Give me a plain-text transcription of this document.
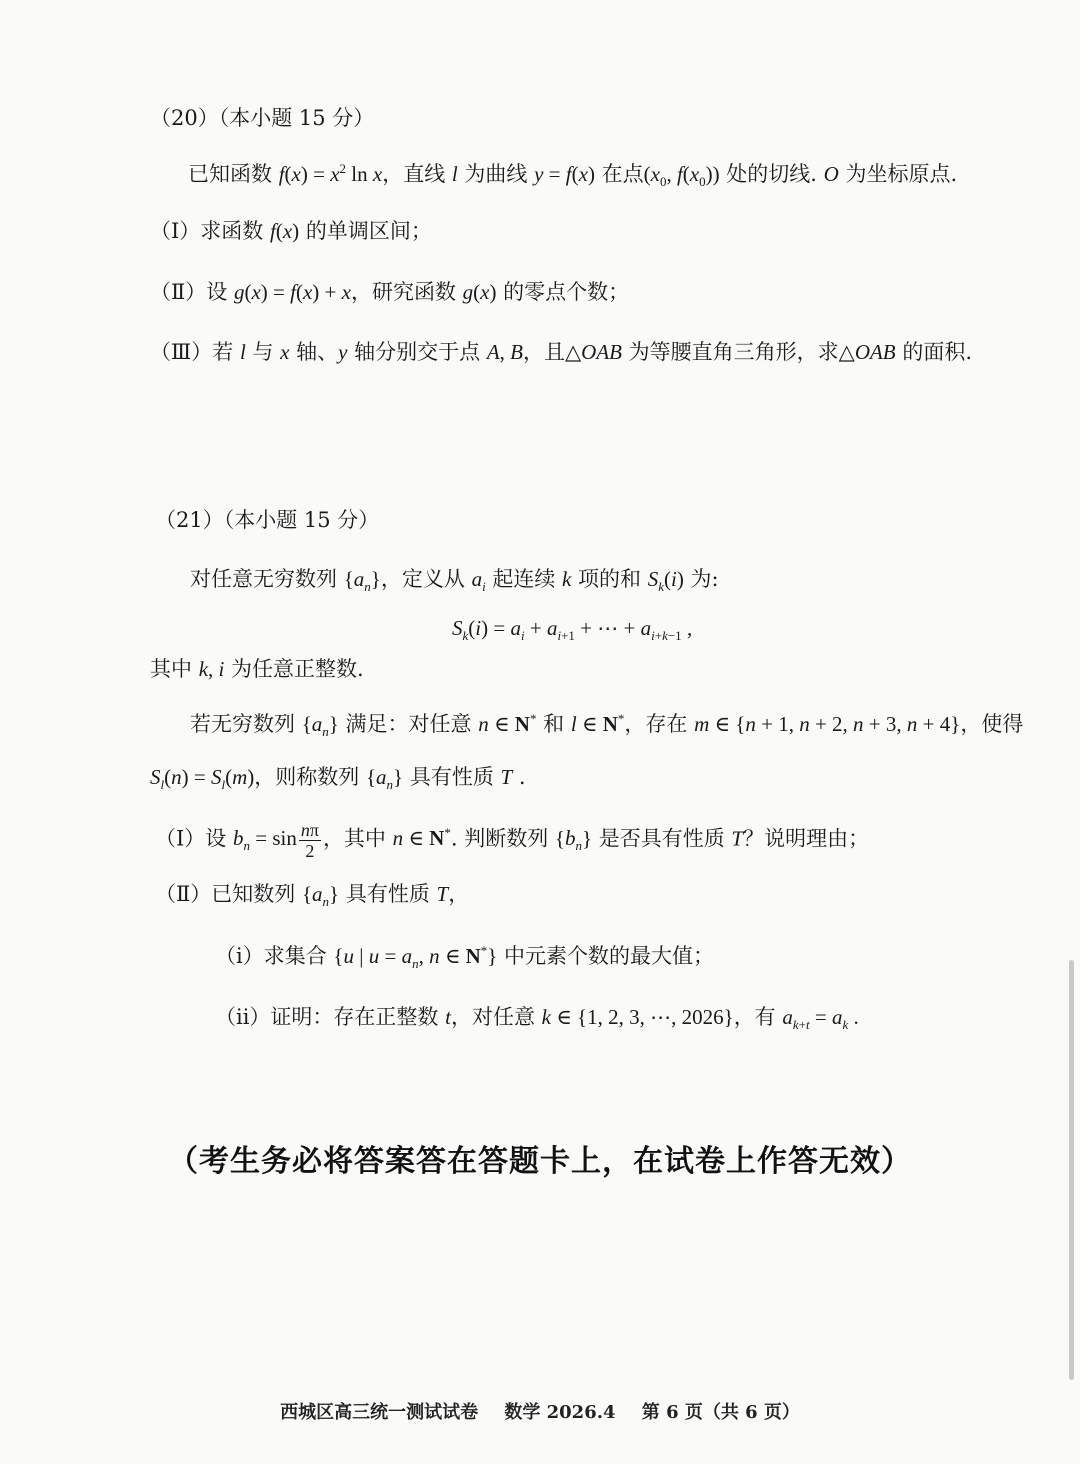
（20）（本小题 15 分）
已知函数 $f(x) = x^2$ ln x，直线 l 为曲线 y = f(x) 在点($x_0$, $f(x_0)$) 处的切线. O 为坐标原点.
（Ⅰ）求函数 f(x) 的单调区间；
（Ⅱ）设 g(x) = f(x) + x，研究函数 g(x) 的零点个数；
（Ⅲ）若 l 与 x 轴、y 轴分别交于点 A, B，且△OAB 为等腰直角三角形，求△OAB 的面积.
（21）（本小题 15 分）
对任意无穷数列 $\{a_n\}$，定义从 $a_i$ 起连续 k 项的和 $S_k(i)$ 为:
$S_k(i) = a_i + a_{i+1}$ + ⋯ + $a_{i+k-1}$ ,
其中 k, i 为任意正整数.
若无穷数列 $\{a_n\}$ 满足：对任意 n ∈ N* 和 l ∈ N*，存在 m ∈ {n + 1, n + 2, n + 3, n + 4}，使得
$S_l(n) = S_l(m)$，则称数列 $\{a_n\}$ 具有性质 T .
（Ⅰ）设 $b_n = \sin \frac{n\pi}{2}$ ，其中 n ∈ N*. 判断数列 $\{b_n\}$ 是否具有性质 T？说明理由；
（Ⅱ）已知数列 $\{a_n\}$ 具有性质 T，
（ⅰ）求集合 {u | $u = a_n$, n ∈ N*} 中元素个数的最大值；
（ⅱ）证明：存在正整数 t，对任意 k ∈ {1, 2, 3, ⋯, 2026}，有 $a_{k+t} = a_k$ .
（考生务必将答案答在答题卡上，在试卷上作答无效）
西城区高三统一测试试卷 数学 2026.4 第 6 页（共 6 页）
